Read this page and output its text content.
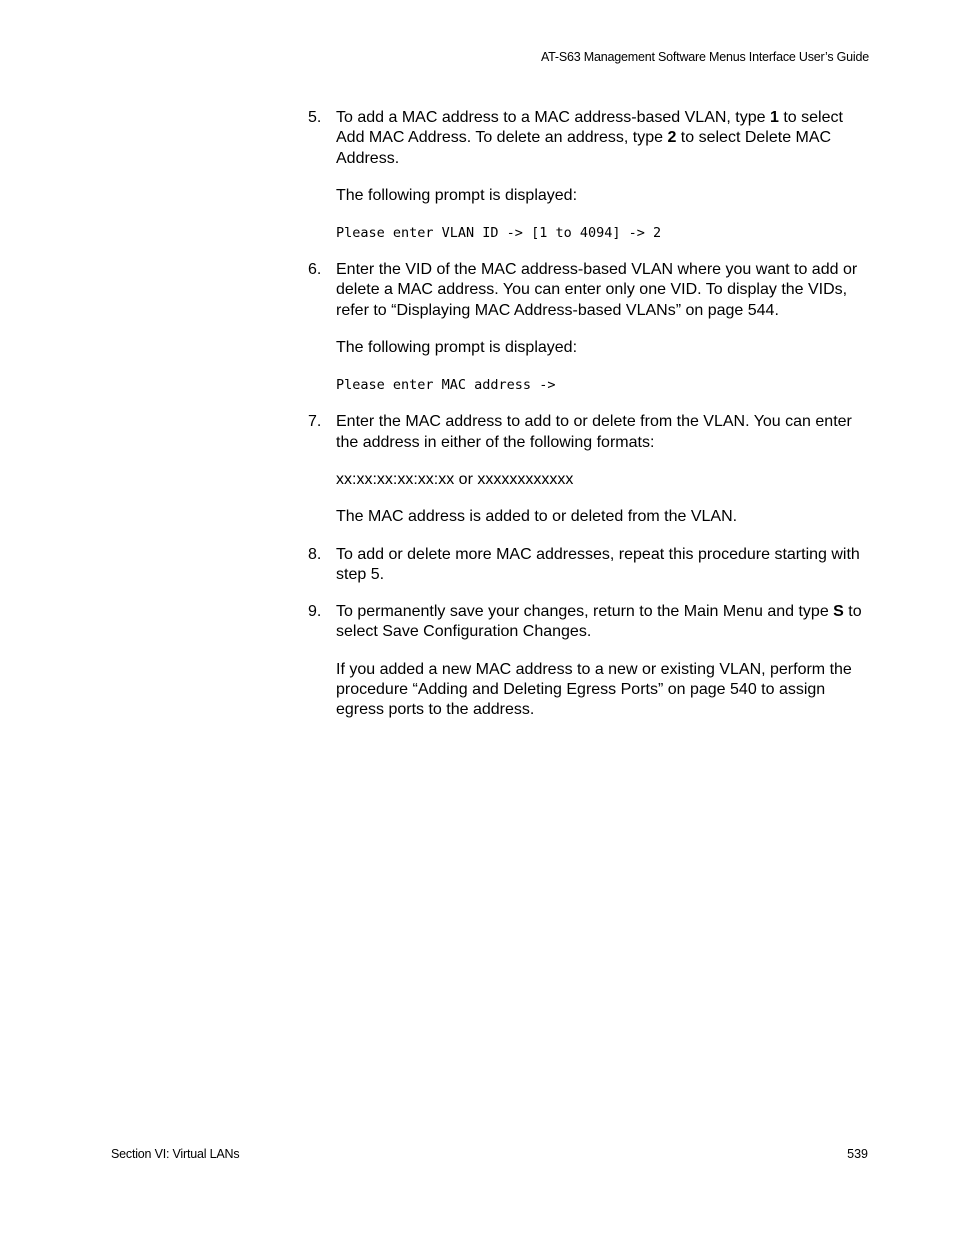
AT-S63 Management Software Menus Interface User’s Guide
5. To add a MAC address to a MAC address-based VLAN, type 1 to select Add MAC Address. To delete an address, type 2 to select Delete MAC Address.

The following prompt is displayed:

Please enter VLAN ID -> [1 to 4094] -> 2
6. Enter the VID of the MAC address-based VLAN where you want to add or delete a MAC address. You can enter only one VID. To display the VIDs, refer to “Displaying MAC Address-based VLANs” on page 544.

The following prompt is displayed:

Please enter MAC address ->
7. Enter the MAC address to add to or delete from the VLAN. You can enter the address in either of the following formats:

xx:xx:xx:xx:xx:xx or xxxxxxxxxxxx

The MAC address is added to or deleted from the VLAN.

8. To add or delete more MAC addresses, repeat this procedure starting with step 5.

9. To permanently save your changes, return to the Main Menu and type S to select Save Configuration Changes.

If you added a new MAC address to a new or existing VLAN, perform the procedure “Adding and Deleting Egress Ports” on page 540 to assign egress ports to the address.

Section VI: Virtual LANs	539
